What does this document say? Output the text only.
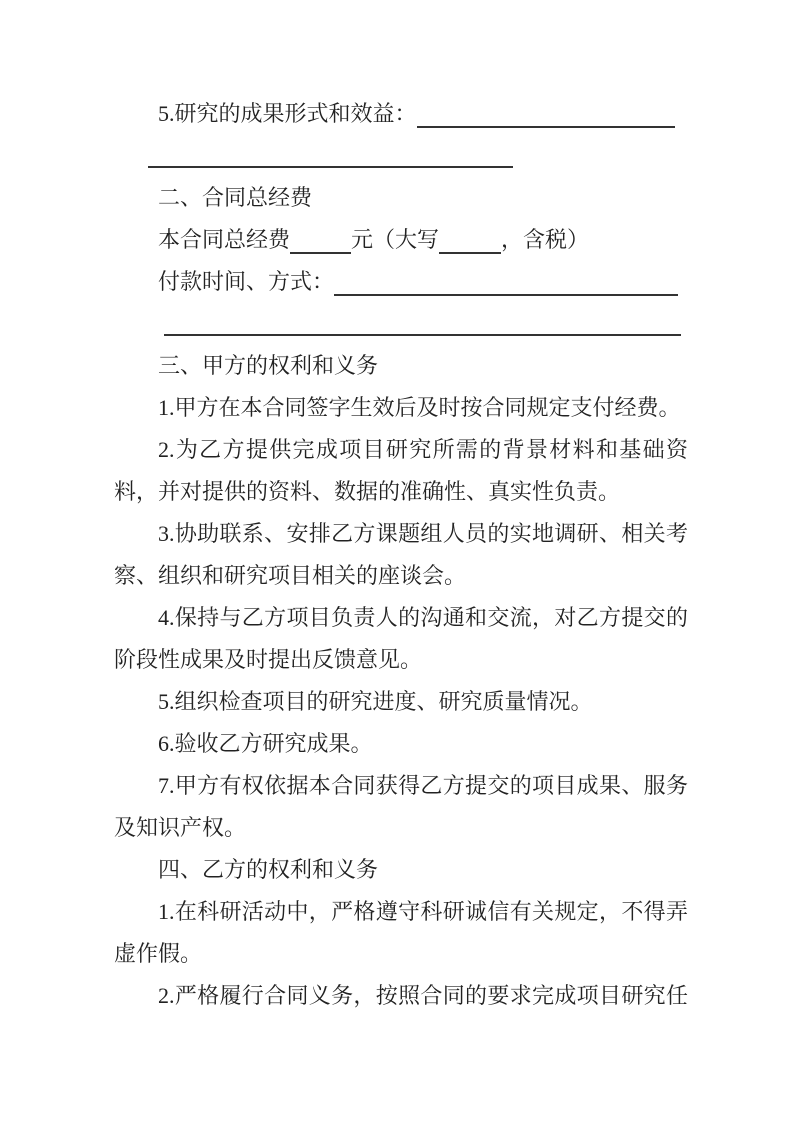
5.研究的成果形式和效益：
二、合同总经费
本合同总经费	元（大写	，含税）
付款时间、方式：
三、甲方的权利和义务
1.甲方在本合同签字生效后及时按合同规定支付经费。
2.为乙方提供完成项目研究所需的背景材料和基础资
料，并对提供的资料、数据的准确性、真实性负责。
3.协助联系、安排乙方课题组人员的实地调研、相关考
察、组织和研究项目相关的座谈会。
4.保持与乙方项目负责人的沟通和交流，对乙方提交的
阶段性成果及时提出反馈意见。
5.组织检查项目的研究进度、研究质量情况。
6.验收乙方研究成果。
7.甲方有权依据本合同获得乙方提交的项目成果、服务
及知识产权。
四、乙方的权利和义务
1.在科研活动中，严格遵守科研诚信有关规定，不得弄
虚作假。
2.严格履行合同义务，按照合同的要求完成项目研究任
